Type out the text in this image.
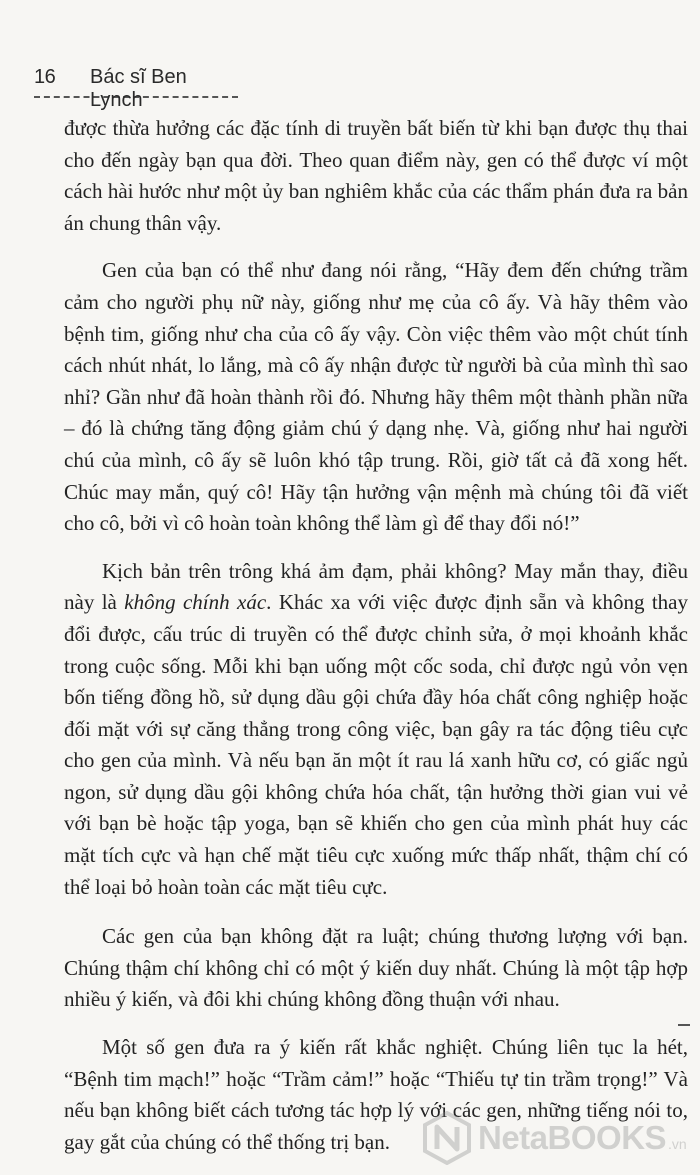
16 Bác sĩ Ben Lynch

được thừa hưởng các đặc tính di truyền bất biến từ khi bạn được thụ thai cho đến ngày bạn qua đời. Theo quan điểm này, gen có thể được ví một cách hài hước như một ủy ban nghiêm khắc của các thẩm phán đưa ra bản án chung thân vậy.

Gen của bạn có thể như đang nói rằng, “Hãy đem đến chứng trầm cảm cho người phụ nữ này, giống như mẹ của cô ấy. Và hãy thêm vào bệnh tim, giống như cha của cô ấy vậy. Còn việc thêm vào một chút tính cách nhút nhát, lo lắng, mà cô ấy nhận được từ người bà của mình thì sao nhỉ? Gần như đã hoàn thành rồi đó. Nhưng hãy thêm một thành phần nữa – đó là chứng tăng động giảm chú ý dạng nhẹ. Và, giống như hai người chú của mình, cô ấy sẽ luôn khó tập trung. Rồi, giờ tất cả đã xong hết. Chúc may mắn, quý cô! Hãy tận hưởng vận mệnh mà chúng tôi đã viết cho cô, bởi vì cô hoàn toàn không thể làm gì để thay đổi nó!”

Kịch bản trên trông khá ảm đạm, phải không? May mắn thay, điều này là không chính xác. Khác xa với việc được định sẵn và không thay đổi được, cấu trúc di truyền có thể được chỉnh sửa, ở mọi khoảnh khắc trong cuộc sống. Mỗi khi bạn uống một cốc soda, chỉ được ngủ vỏn vẹn bốn tiếng đồng hồ, sử dụng dầu gội chứa đầy hóa chất công nghiệp hoặc đối mặt với sự căng thẳng trong công việc, bạn gây ra tác động tiêu cực cho gen của mình. Và nếu bạn ăn một ít rau lá xanh hữu cơ, có giấc ngủ ngon, sử dụng dầu gội không chứa hóa chất, tận hưởng thời gian vui vẻ với bạn bè hoặc tập yoga, bạn sẽ khiến cho gen của mình phát huy các mặt tích cực và hạn chế mặt tiêu cực xuống mức thấp nhất, thậm chí có thể loại bỏ hoàn toàn các mặt tiêu cực.

Các gen của bạn không đặt ra luật; chúng thương lượng với bạn. Chúng thậm chí không chỉ có một ý kiến duy nhất. Chúng là một tập hợp nhiều ý kiến, và đôi khi chúng không đồng thuận với nhau.

Một số gen đưa ra ý kiến rất khắc nghiệt. Chúng liên tục la hét, “Bệnh tim mạch!” hoặc “Trầm cảm!” hoặc “Thiếu tự tin trầm trọng!” Và nếu bạn không biết cách tương tác hợp lý với các gen, những tiếng nói to, gay gắt của chúng có thể thống trị bạn.	NetaBOOKS .vn
